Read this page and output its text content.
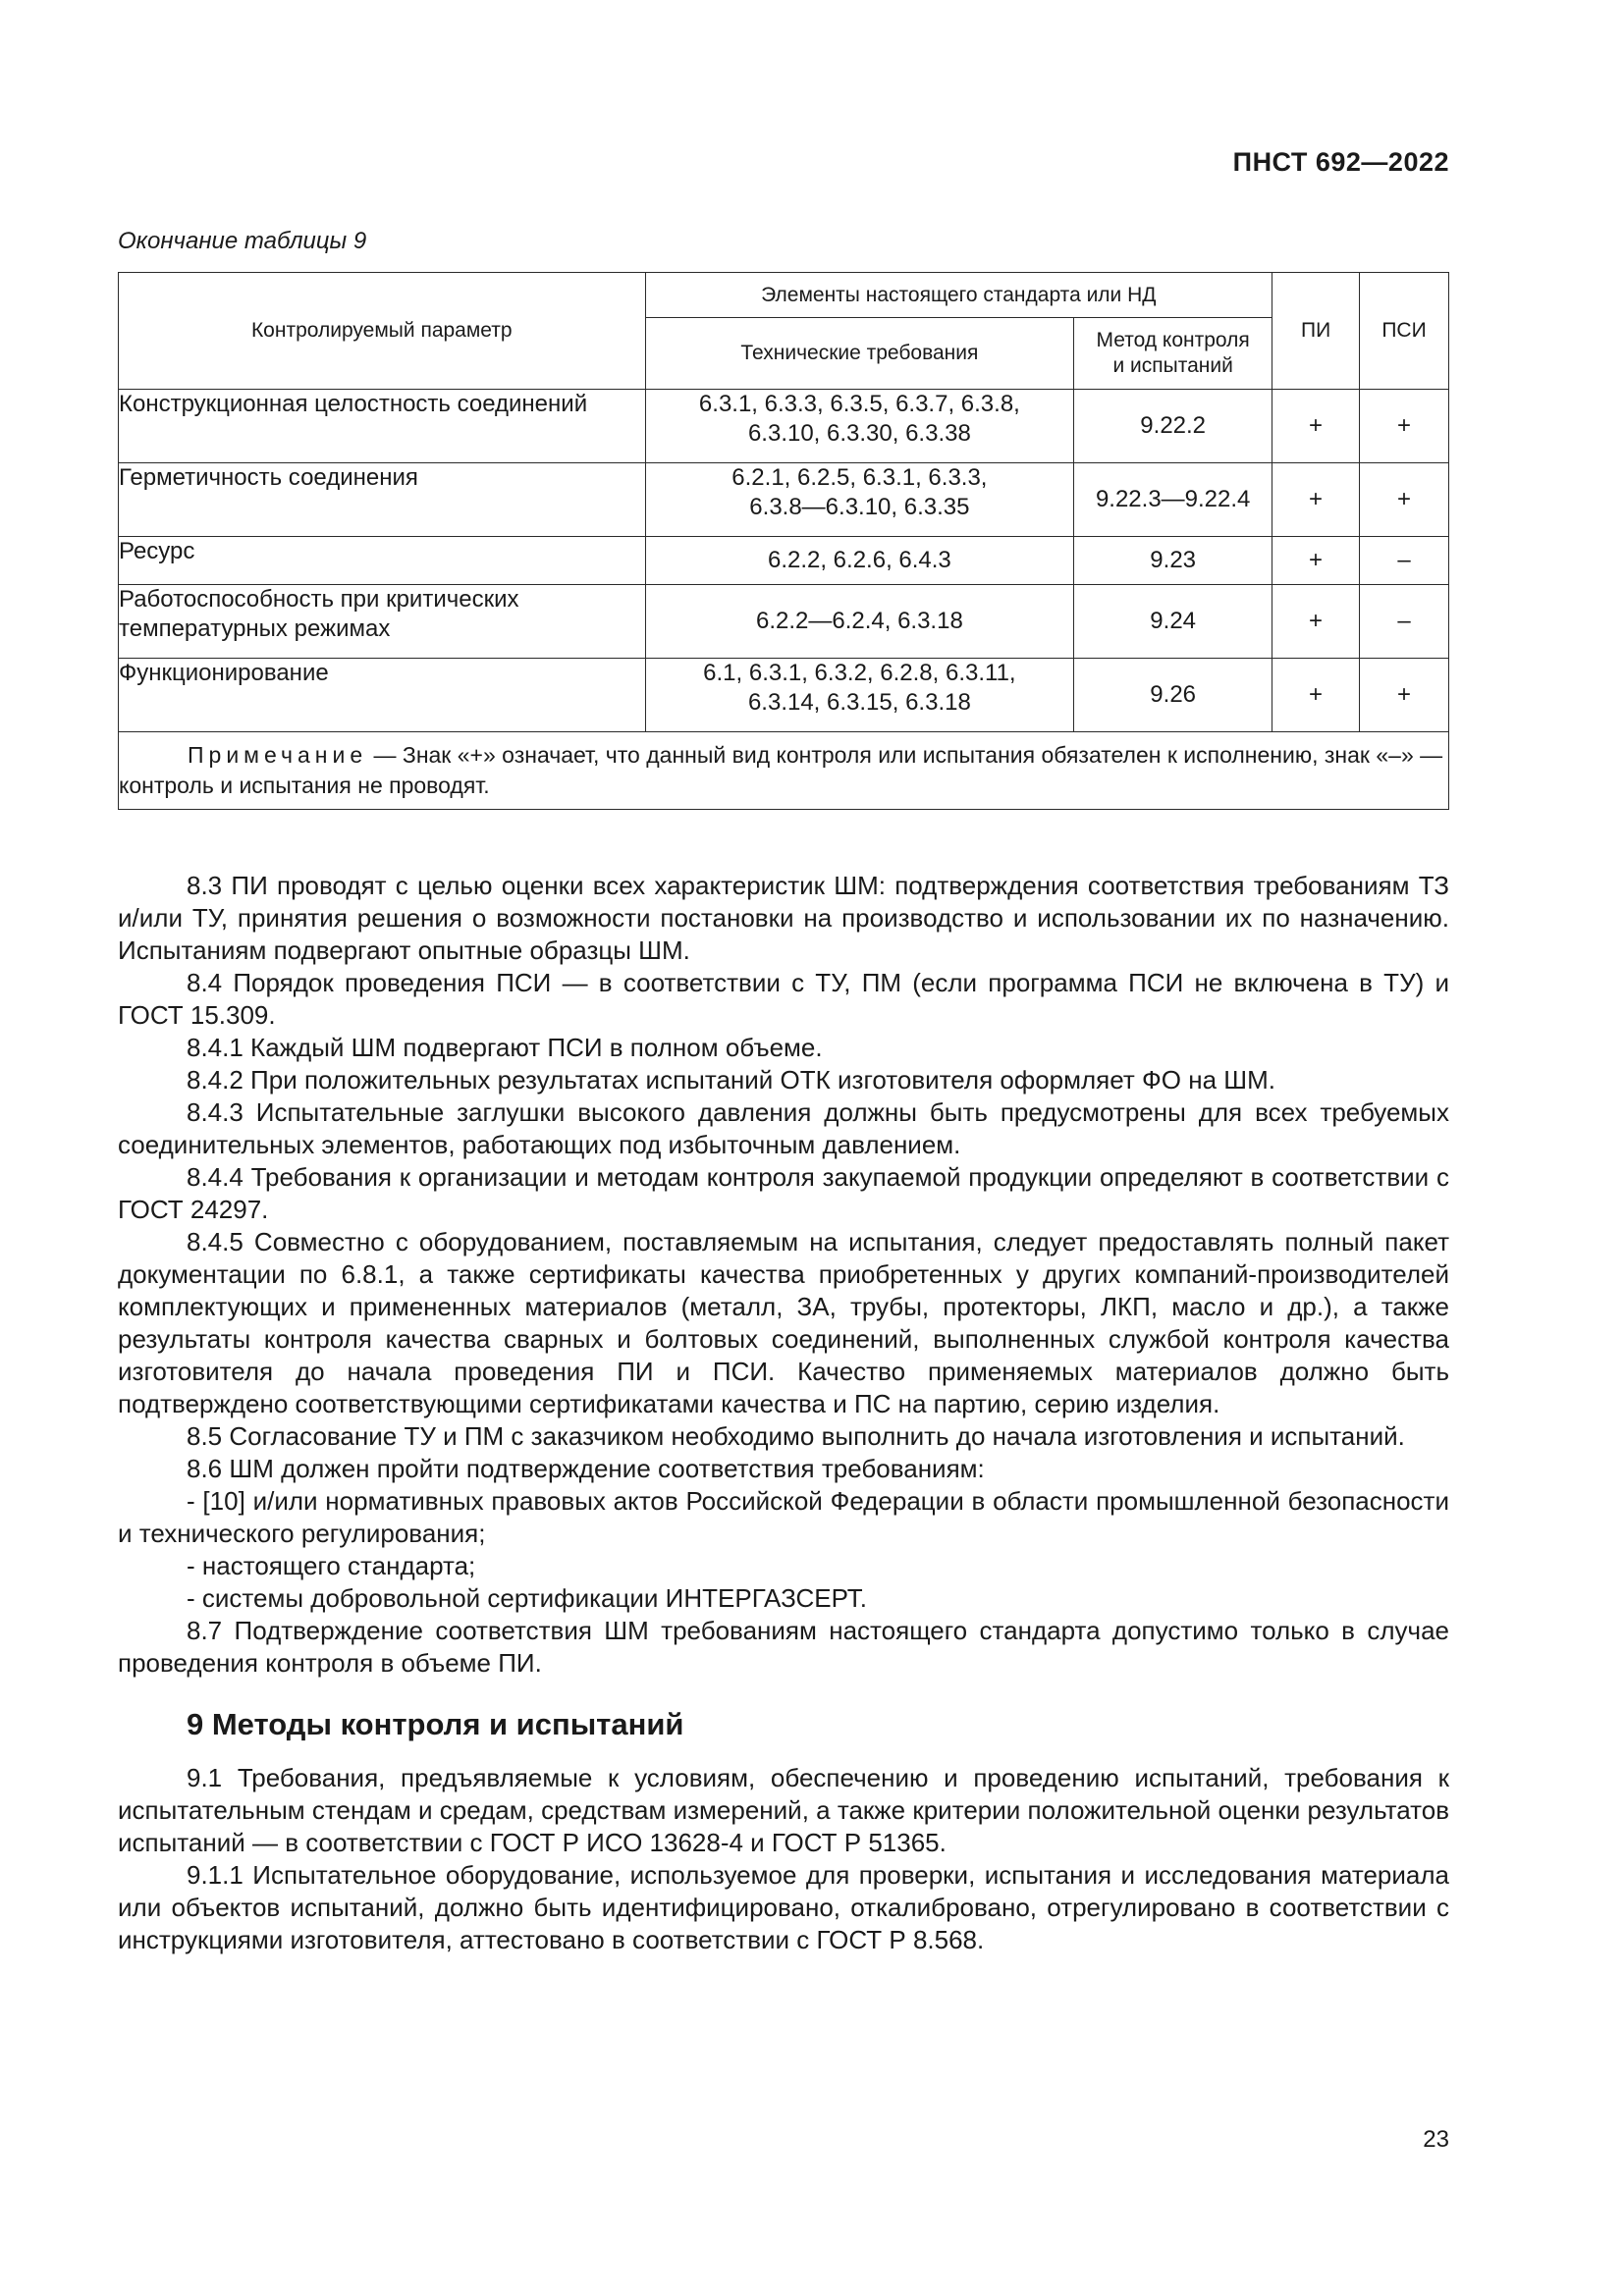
ПНСТ 692—2022
Окончание таблицы 9
Контролируемый параметр	Элементы настоящего стандарта или НД		ПИ	ПСИ
	Технические требования	Метод контроля и испытаний		
Конструкционная целостность соединений	6.3.1, 6.3.3, 6.3.5, 6.3.7, 6.3.8, 6.3.10, 6.3.30, 6.3.38	9.22.2	+	+
Герметичность соединения	6.2.1, 6.2.5, 6.3.1, 6.3.3, 6.3.8—6.3.10, 6.3.35	9.22.3—9.22.4	+	+
Ресурс	6.2.2, 6.2.6, 6.4.3	9.23	+	–
Работоспособность при критических температурных режимах	6.2.2—6.2.4, 6.3.18	9.24	+	–
Функционирование	6.1, 6.3.1, 6.3.2, 6.2.8, 6.3.11, 6.3.14, 6.3.15, 6.3.18	9.26	+	+
Примечание — Знак «+» означает, что данный вид контроля или испытания обязателен к исполнению, знак «–» — контроль и испытания не проводят.				

8.3 ПИ проводят с целью оценки всех характеристик ШМ: подтверждения соответствия требованиям ТЗ и/или ТУ, принятия решения о возможности постановки на производство и использовании их по назначению. Испытаниям подвергают опытные образцы ШМ.

8.4 Порядок проведения ПСИ — в соответствии с ТУ, ПМ (если программа ПСИ не включена в ТУ) и ГОСТ 15.309.

8.4.1 Каждый ШМ подвергают ПСИ в полном объеме.

8.4.2 При положительных результатах испытаний ОТК изготовителя оформляет ФО на ШМ.

8.4.3 Испытательные заглушки высокого давления должны быть предусмотрены для всех требуемых соединительных элементов, работающих под избыточным давлением.

8.4.4 Требования к организации и методам контроля закупаемой продукции определяют в соответствии с ГОСТ 24297.

8.4.5 Совместно с оборудованием, поставляемым на испытания, следует предоставлять полный пакет документации по 6.8.1, а также сертификаты качества приобретенных у других компаний-производителей комплектующих и примененных материалов (металл, ЗА, трубы, протекторы, ЛКП, масло и др.), а также результаты контроля качества сварных и болтовых соединений, выполненных службой контроля качества изготовителя до начала проведения ПИ и ПСИ. Качество применяемых материалов должно быть подтверждено соответствующими сертификатами качества и ПС на партию, серию изделия.

8.5 Согласование ТУ и ПМ с заказчиком необходимо выполнить до начала изготовления и испытаний.

8.6 ШМ должен пройти подтверждение соответствия требованиям:

- [10] и/или нормативных правовых актов Российской Федерации в области промышленной безопасности и технического регулирования;

- настоящего стандарта;

- системы добровольной сертификации ИНТЕРГАЗСЕРТ.

8.7 Подтверждение соответствия ШМ требованиям настоящего стандарта допустимо только в случае проведения контроля в объеме ПИ.

9 Методы контроля и испытаний

9.1 Требования, предъявляемые к условиям, обеспечению и проведению испытаний, требования к испытательным стендам и средам, средствам измерений, а также критерии положительной оценки результатов испытаний — в соответствии с ГОСТ Р ИСО 13628-4 и ГОСТ Р 51365.

9.1.1 Испытательное оборудование, используемое для проверки, испытания и исследования материала или объектов испытаний, должно быть идентифицировано, откалибровано, отрегулировано в соответствии с инструкциями изготовителя, аттестовано в соответствии с ГОСТ Р 8.568.

23
